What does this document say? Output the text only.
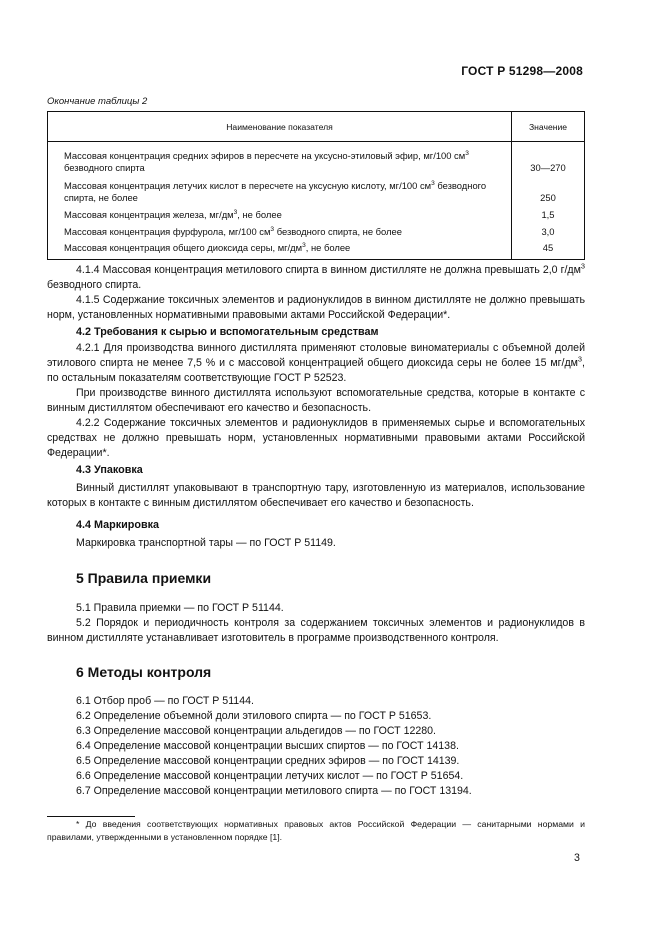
ГОСТ Р 51298—2008
Окончание таблицы 2
Наименование показателя	Значение
Массовая концентрация средних эфиров в пересчете на уксусно-этиловый эфир, мг/100 $см^3$ безводного спирта	30—270
Массовая концентрация летучих кислот в пересчете на уксусную кислоту, мг/100 $см^3$ безводного спирта, не более	250
Массовая концентрация железа, $мг/дм^3$, не более	1,5
Массовая концентрация фурфурола, мг/100 $см^3$ безводного спирта, не более	3,0
Массовая концентрация общего диоксида серы, $мг/дм^3$, не более	45
4.1.4 Массовая концентрация метилового спирта в винном дистилляте не должна превышать 2,0 $г/дм^3$ безводного спирта.
4.1.5 Содержание токсичных элементов и радионуклидов в винном дистилляте не должно превышать норм, установленных нормативными правовыми актами Российской Федерации*.
4.2 Требования к сырью и вспомогательным средствам
4.2.1 Для производства винного дистиллята применяют столовые виноматериалы с объемной долей этилового спирта не менее 7,5 % и с массовой концентрацией общего диоксида серы не более 15 $мг/дм^3$, по остальным показателям соответствующие ГОСТ Р 52523.
При производстве винного дистиллята используют вспомогательные средства, которые в контакте с винным дистиллятом обеспечивают его качество и безопасность.
4.2.2 Содержание токсичных элементов и радионуклидов в применяемых сырье и вспомогательных средствах не должно превышать норм, установленных нормативными правовыми актами Российской Федерации*.
4.3 Упаковка
Винный дистиллят упаковывают в транспортную тару, изготовленную из материалов, использование которых в контакте с винным дистиллятом обеспечивает его качество и безопасность.
4.4 Маркировка
Маркировка транспортной тары — по ГОСТ Р 51149.
5 Правила приемки
5.1 Правила приемки — по ГОСТ Р 51144.
5.2 Порядок и периодичность контроля за содержанием токсичных элементов и радионуклидов в винном дистилляте устанавливает изготовитель в программе производственного контроля.
6 Методы контроля
6.1 Отбор проб — по ГОСТ Р 51144.
6.2 Определение объемной доли этилового спирта — по ГОСТ Р 51653.
6.3 Определение массовой концентрации альдегидов — по ГОСТ 12280.
6.4 Определение массовой концентрации высших спиртов — по ГОСТ 14138.
6.5 Определение массовой концентрации средних эфиров — по ГОСТ 14139.
6.6 Определение массовой концентрации летучих кислот — по ГОСТ Р 51654.
6.7 Определение массовой концентрации метилового спирта — по ГОСТ 13194.
* До введения соответствующих нормативных правовых актов Российской Федерации — санитарными нормами и правилами, утвержденными в установленном порядке [1].
3
